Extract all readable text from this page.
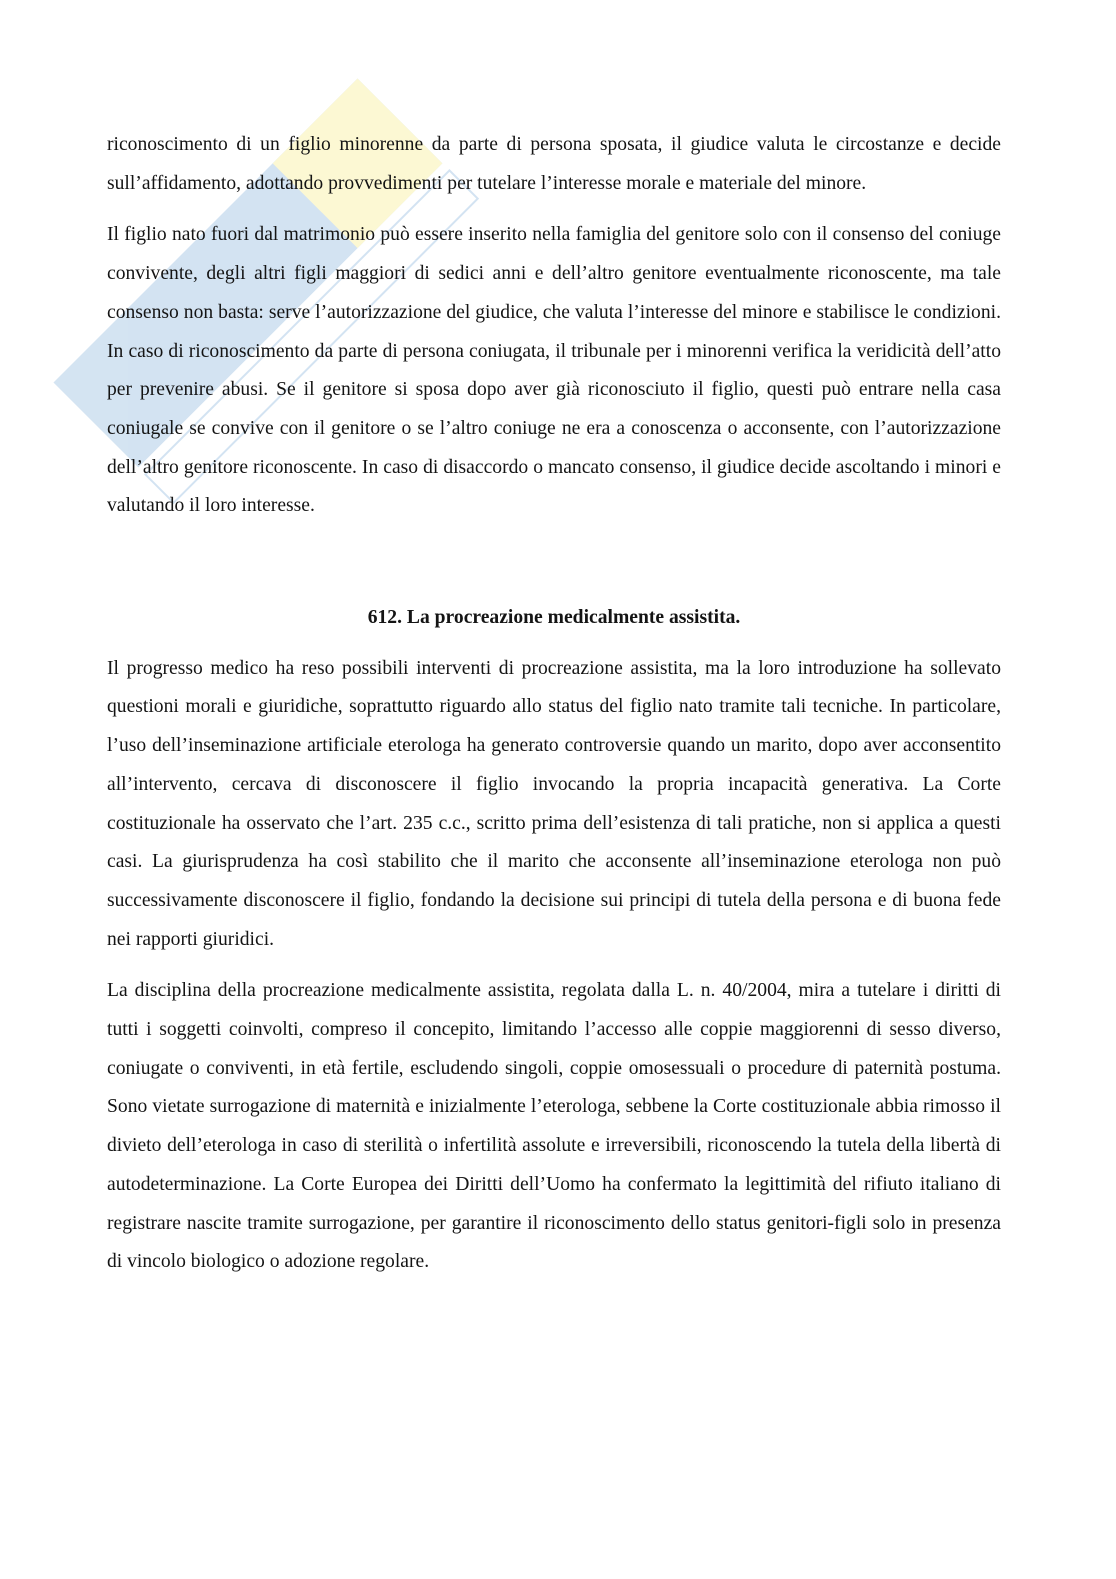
riconoscimento di un figlio minorenne da parte di persona sposata, il giudice valuta le circostanze e decide sull’affidamento, adottando provvedimenti per tutelare l’interesse morale e materiale del minore.

Il figlio nato fuori dal matrimonio può essere inserito nella famiglia del genitore solo con il consenso del coniuge convivente, degli altri figli maggiori di sedici anni e dell’altro genitore eventualmente riconoscente, ma tale consenso non basta: serve l’autorizzazione del giudice, che valuta l’interesse del minore e stabilisce le condizioni. In caso di riconoscimento da parte di persona coniugata, il tribunale per i minorenni verifica la veridicità dell’atto per prevenire abusi. Se il genitore si sposa dopo aver già riconosciuto il figlio, questi può entrare nella casa coniugale se convive con il genitore o se l’altro coniuge ne era a conoscenza o acconsente, con l’autorizzazione dell’altro genitore riconoscente. In caso di disaccordo o mancato consenso, il giudice decide ascoltando i minori e valutando il loro interesse.

612. La procreazione medicalmente assistita.

Il progresso medico ha reso possibili interventi di procreazione assistita, ma la loro introduzione ha sollevato questioni morali e giuridiche, soprattutto riguardo allo status del figlio nato tramite tali tecniche. In particolare, l’uso dell’inseminazione artificiale eterologa ha generato controversie quando un marito, dopo aver acconsentito all’intervento, cercava di disconoscere il figlio invocando la propria incapacità generativa. La Corte costituzionale ha osservato che l’art. 235 c.c., scritto prima dell’esistenza di tali pratiche, non si applica a questi casi. La giurisprudenza ha così stabilito che il marito che acconsente all’inseminazione eterologa non può successivamente disconoscere il figlio, fondando la decisione sui principi di tutela della persona e di buona fede nei rapporti giuridici.

La disciplina della procreazione medicalmente assistita, regolata dalla L. n. 40/2004, mira a tutelare i diritti di tutti i soggetti coinvolti, compreso il concepito, limitando l’accesso alle coppie maggiorenni di sesso diverso, coniugate o conviventi, in età fertile, escludendo singoli, coppie omosessuali o procedure di paternità postuma. Sono vietate surrogazione di maternità e inizialmente l’eterologa, sebbene la Corte costituzionale abbia rimosso il divieto dell’eterologa in caso di sterilità o infertilità assolute e irreversibili, riconoscendo la tutela della libertà di autodeterminazione. La Corte Europea dei Diritti dell’Uomo ha confermato la legittimità del rifiuto italiano di registrare nascite tramite surrogazione, per garantire il riconoscimento dello status genitori-figli solo in presenza di vincolo biologico o adozione regolare.
